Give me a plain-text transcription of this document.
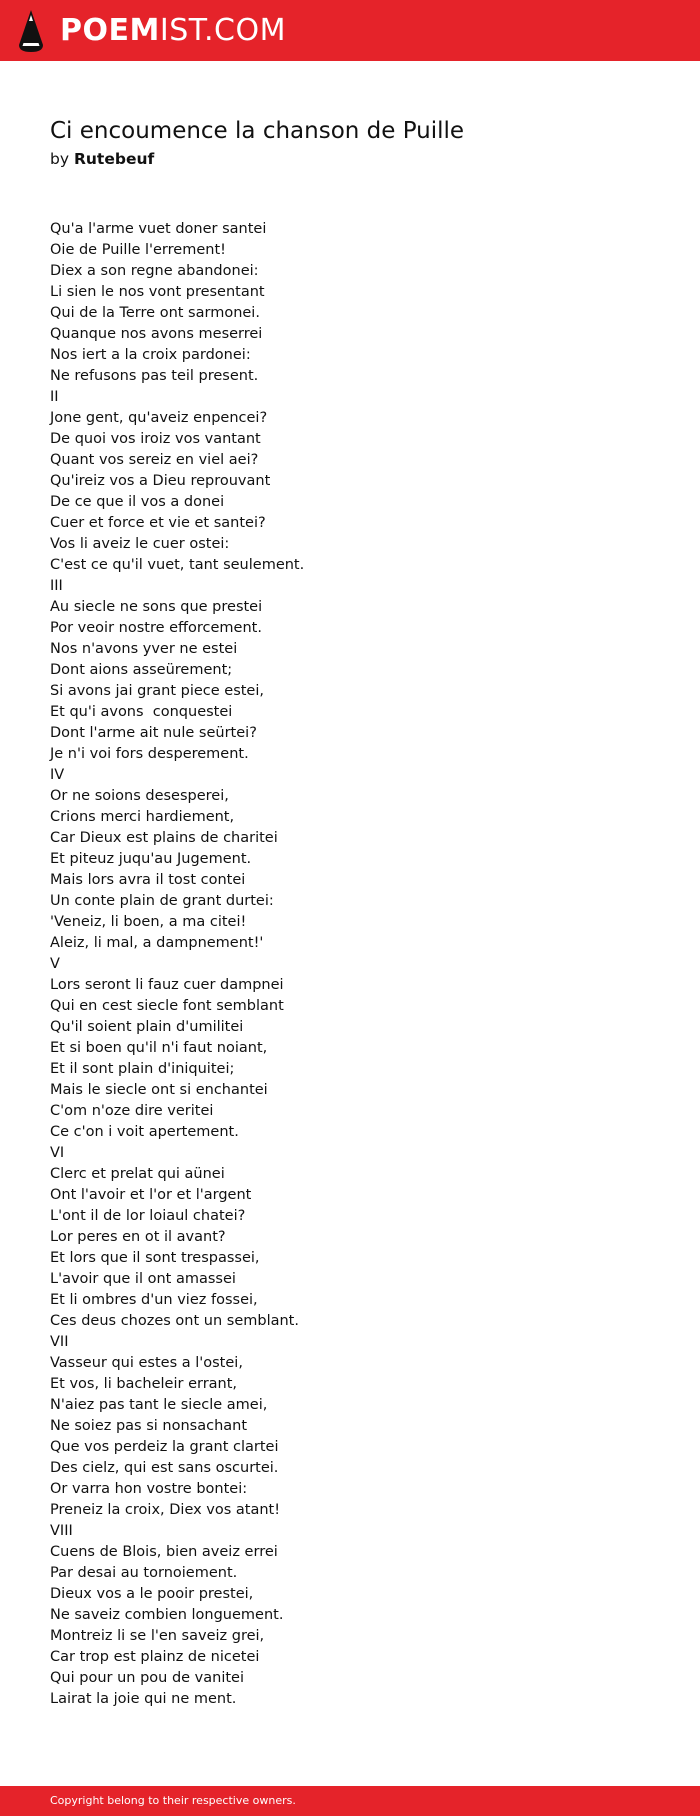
POEMIST.COM
Ci encoumence la chanson de Puille
by Rutebeuf
Qu'a l'arme vuet doner santei
Oie de Puille l'errement!
Diex a son regne abandonei:
Li sien le nos vont presentant
Qui de la Terre ont sarmonei.
Quanque nos avons meserrei
Nos iert a la croix pardonei:
Ne refusons pas teil present.
II
Jone gent, qu'aveiz enpencei?
De quoi vos iroiz vos vantant
Quant vos sereiz en viel aei?
Qu'ireiz vos a Dieu reprouvant
De ce que il vos a donei
Cuer et force et vie et santei?
Vos li aveiz le cuer ostei:
C'est ce qu'il vuet, tant seulement.
III
Au siecle ne sons que prestei
Por veoir nostre efforcement.
Nos n'avons yver ne estei
Dont aions asseürement;
Si avons jai grant piece estei,
Et qu'i avons  conquestei
Dont l'arme ait nule seürtei?
Je n'i voi fors desperement.
IV
Or ne soions desesperei,
Crions merci hardiement,
Car Dieux est plains de charitei
Et piteuz juqu'au Jugement.
Mais lors avra il tost contei
Un conte plain de grant durtei:
'Veneiz, li boen, a ma citei!
Aleiz, li mal, a dampnement!'
V
Lors seront li fauz cuer dampnei
Qui en cest siecle font semblant
Qu'il soient plain d'umilitei
Et si boen qu'il n'i faut noiant,
Et il sont plain d'iniquitei;
Mais le siecle ont si enchantei
C'om n'oze dire veritei
Ce c'on i voit apertement.
VI
Clerc et prelat qui aünei
Ont l'avoir et l'or et l'argent
L'ont il de lor loiaul chatei?
Lor peres en ot il avant?
Et lors que il sont trespassei,
L'avoir que il ont amassei
Et li ombres d'un viez fossei,
Ces deus chozes ont un semblant.
VII
Vasseur qui estes a l'ostei,
Et vos, li bacheleir errant,
N'aiez pas tant le siecle amei,
Ne soiez pas si nonsachant
Que vos perdeiz la grant clartei
Des cielz, qui est sans oscurtei.
Or varra hon vostre bontei:
Preneiz la croix, Diex vos atant!
VIII
Cuens de Blois, bien aveiz errei
Par desai au tornoiement.
Dieux vos a le pooir prestei,
Ne saveiz combien longuement.
Montreiz li se l'en saveiz grei,
Car trop est plainz de nicetei
Qui pour un pou de vanitei
Lairat la joie qui ne ment.
Copyright belong to their respective owners.
